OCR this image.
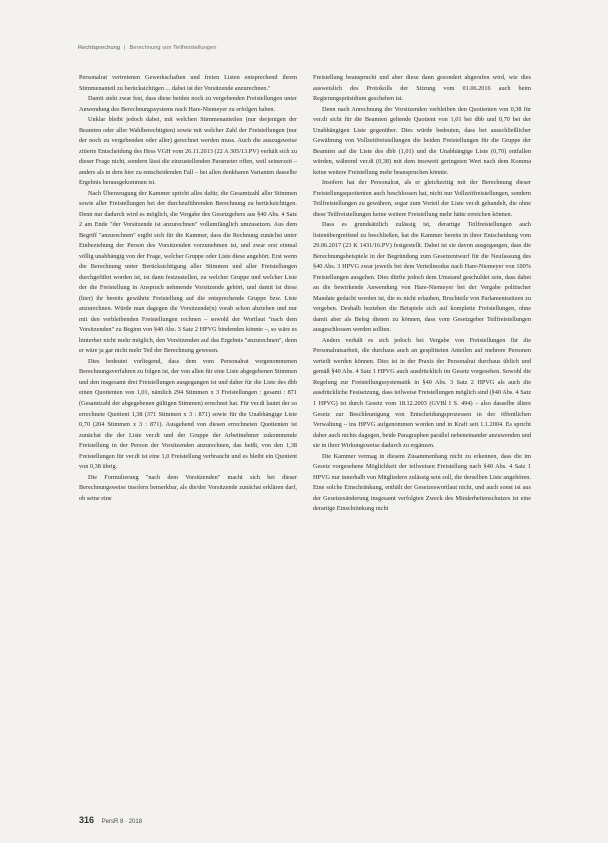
Rechtsprechung | Berechnung von Teilfreistellungen

Personalrat vertretenen Gewerkschaften und freien Listen entsprechend ihrem Stimmenanteil zu berücksichtigen ... dabei ist der Vorsitzende anzurechnen."

Damit steht zwar fest, dass diese beiden noch zu vergebenden Freistellungen unter Anwendung des Berechnungssystems nach Hare-Niemeyer zu erfolgen haben.

Unklar bleibt jedoch dabei, mit welchen Stimmenanteilen (nur derjenigen der Beamten oder aller Wahlberechtigten) sowie mit welcher Zahl der Freistellungen (nur der noch zu vergebenden oder aller) gerechnet werden muss. Auch die auszugsweise zitierte Entscheidung des Hess VGH vom 26.11.2013 (22 A 305/13.PV) verhält sich zu dieser Frage nicht, sondern lässt die einzustellenden Parameter offen, weil seinerzeit – anders als in dem hier zu entscheidenden Fall – bei allen denkbaren Varianten dasselbe Ergebnis herausgekommen ist.

Nach Überzeugung der Kammer spricht alles dafür, die Gesamtzahl aller Stimmen sowie aller Freistellungen bei der durchzuführenden Berechnung zu berücksichtigen. Denn nur dadurch wird es möglich, die Vorgabe des Gesetzgebers aus §40 Abs. 4 Satz 2 am Ende "der Vorsitzende ist anzurechnen" vollumfänglich umzusetzen. Aus dem Begriff "anzurechnen" ergibt sich für die Kammer, dass die Rechnung zunächst unter Einbeziehung der Person des Vorsitzenden vorzunehmen ist, und zwar erst einmal völlig unabhängig von der Frage, welcher Gruppe oder Liste diese angehört. Erst wenn die Berechnung unter Berücksichtigung aller Stimmen und aller Freistellungen durchgeführt worden ist, ist dann festzustellen, zu welcher Gruppe und welcher Liste der die Freistellung in Anspruch nehmende Vorsitzende gehört, und damit ist diese (hier) ihr bereits gewährte Freistellung auf die entsprechende Gruppe bzw. Liste anzurechnen. Würde man dagegen die Vorsitzende(n) vorab schon abziehen und nur mit den verbleibenden Freistellungen rechnen – sowohl der Wortlaut "nach dem Vorsitzenden" zu Beginn von §40 Abs. 3 Satz 2 HPVG bindenden könnte –, so wäre es hinterher nicht mehr möglich, den Vorsitzenden auf das Ergebnis "anzurechnen", denn er wäre ja gar nicht mehr Teil der Berechnung gewesen.

Dies bedeutet vorliegend, dass dem vom Personalrat vorgenommenen Berechnungsverfahren zu folgen ist, der von allen für eine Liste abgegebenen Stimmen und den insgesamt drei Freistellungen ausgegangen ist und daher für die Liste des dbb einen Quotienten von 1,01, nämlich 294 Stimmen x 3 Freistellungen : gesamt : 871 (Gesamtzahl der abgegebenen gültigen Stimmen) errechnet hat. Für ver.di lautet der so errechnete Quotient 1,38 (371 Stimmen x 3 : 871) sowie für die Unabhängige Liste 0,70 (204 Stimmen x 3 : 871). Ausgehend von diesen errechneten Quotienten ist zunächst die der Liste ver.di und der Gruppe der Arbeitnehmer zukommende Freistellung in der Person der Vorsitzenden anzurechnen, das heißt, von den 1,38 Freistellungen für ver.di ist eine 1,0 Freistellung verbraucht und es bleibt ein Quotient von 0,38 übrig.

Die Formulierung "nach dem Vorsitzenden" macht sich bei dieser Berechnungsweise insofern bemerkbar, als die/der Vorsitzende zunächst erklären darf, ob seine eine

Freistellung beansprucht und aber diese dann gesondert abgerufen wird, wie dies ausweislich des Protokolls der Sitzung vom 01.06.2016 auch beim Regierungspräsidium geschehen ist.

Denn nach Anrechnung der Vorsitzenden verbleiben den Quotienten von 0,38 für ver.di sicht für die Beamten geltende Quotient von 1,01 bei dbb und 0,70 bei der Unabhängigen Liste gegenüber. Dies würde bedeuten, dass bei ausschließlicher Gewährung von Vollzeitfreistellungen die beiden Freistellungen für die Gruppe der Beamten auf die Liste des dbb (1,01) und die Unabhängige Liste (0,70) entfallen würden, während ver.di (0,38) mit dem insoweit geringsten Wert nach dem Komma keine weitere Freistellung mehr beanspruchen könnte.

Insofern hat der Personalrat, als er gleichzeitig mit der Berechnung dieser Freistellungsquotienten auch beschlossen hat, nicht nur Vollzeitfreistellungen, sondern Teilfreistellungen zu gewähren, sogar zum Vorteil der Liste ver.di gehandelt, die ohne diese Teilfreistellungen keine weitere Freistellung mehr hätte erreichen können.

Dass es grundsätzlich zulässig ist, derartige Teilfreistellungen auch listenübergreifend zu beschließen, hat die Kammer bereits in ihrer Entscheidung vom 29.06.2017 (23 K 1431/16.PV) festgestellt. Dabei ist sie davon ausgegangen, dass die Berechnungsbeispiele in der Begründung zum Gesetzentwurf für die Neufassung des §40 Abs. 3 HPVG zwar jeweils bei dem Verteilmodus nach Hare-Niemeyer von 100% Freistellungen ausgehen. Dies dürfte jedoch dem Umstand geschuldet sein, dass dabei an die bewirkende Anwendung von Hare-Niemeyer bei der Vergabe politischer Mandate gedacht worden ist, die es nicht erlauben, Bruchteile von Parlamentssitzen zu vergeben. Deshalb beziehen die Beispiele sich auf komplette Freistellungen, ohne damit aber als Beleg dienen zu können, dass vom Gesetzgeber Teilfreistellungen ausgeschlossen werden sollten.

Anders verhält es sich jedoch bei Vergabe von Freistellungen für die Personalratsarbeit, die durchaus auch an gesplitteten Anteilen auf mehrere Personen verteilt werden können. Dies ist in der Praxis der Personalrat durchaus üblich und gemäß §40 Abs. 4 Satz 1 HPVG auch ausdrücklich im Gesetz vorgesehen. Sowohl die Regelung zur Freistellungssystematik in §40 Abs. 3 Satz 2 HPVG als auch die ausdrückliche Festsetzung, dass teilweise Freistellungen möglich sind (§40 Abs. 4 Satz 1 HPVG) ist durch Gesetz vom 18.12.2003 (GVBl I S. 494) – also dasselbe ältere Gesetz zur Beschleunigung von Entscheidungsprozessen in der öffentlichen Verwaltung – ins HPVG aufgenommen worden und in Kraft seit 1.1.2004. Es spricht daher auch nichts dagegen, beide Paragraphen parallel nebeneinander anzuwenden und sie in ihrer Wirkungsweise dadurch zu ergänzen.

Die Kammer vermag in diesem Zusammenhang nicht zu erkennen, dass die im Gesetz vorgesehene Möglichkeit der teilweisen Freistellung nach §40 Abs. 4 Satz 1 HPVG nur innerhalb von Mitgliedern zulässig sein soll, die derselben Liste angehören. Eine solche Einschränkung, enthält der Gesetzeswortlaut nicht, und auch sonst ist aus der Gesetzesänderung insgesamt verfolgten Zweck des Minderheitenschutzes ist eine derartige Einschränkung nicht

316 PersR 8 · 2018
